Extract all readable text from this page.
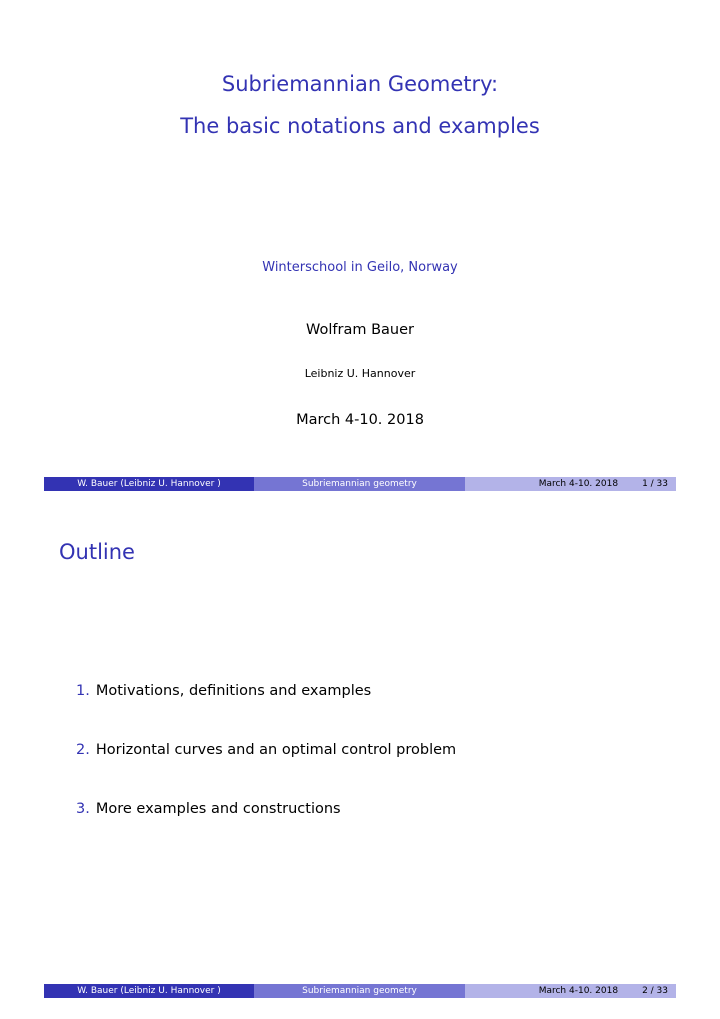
Subriemannian Geometry:
The basic notations and examples
Winterschool in Geilo, Norway
Wolfram Bauer
Leibniz U. Hannover
March 4-10. 2018
W. Bauer (Leibniz U. Hannover )	Subriemannian geometry	March 4-10. 2018	1 / 33
Outline
1. Motivations, definitions and examples
2. Horizontal curves and an optimal control problem
3. More examples and constructions
W. Bauer (Leibniz U. Hannover )	Subriemannian geometry	March 4-10. 2018	2 / 33
